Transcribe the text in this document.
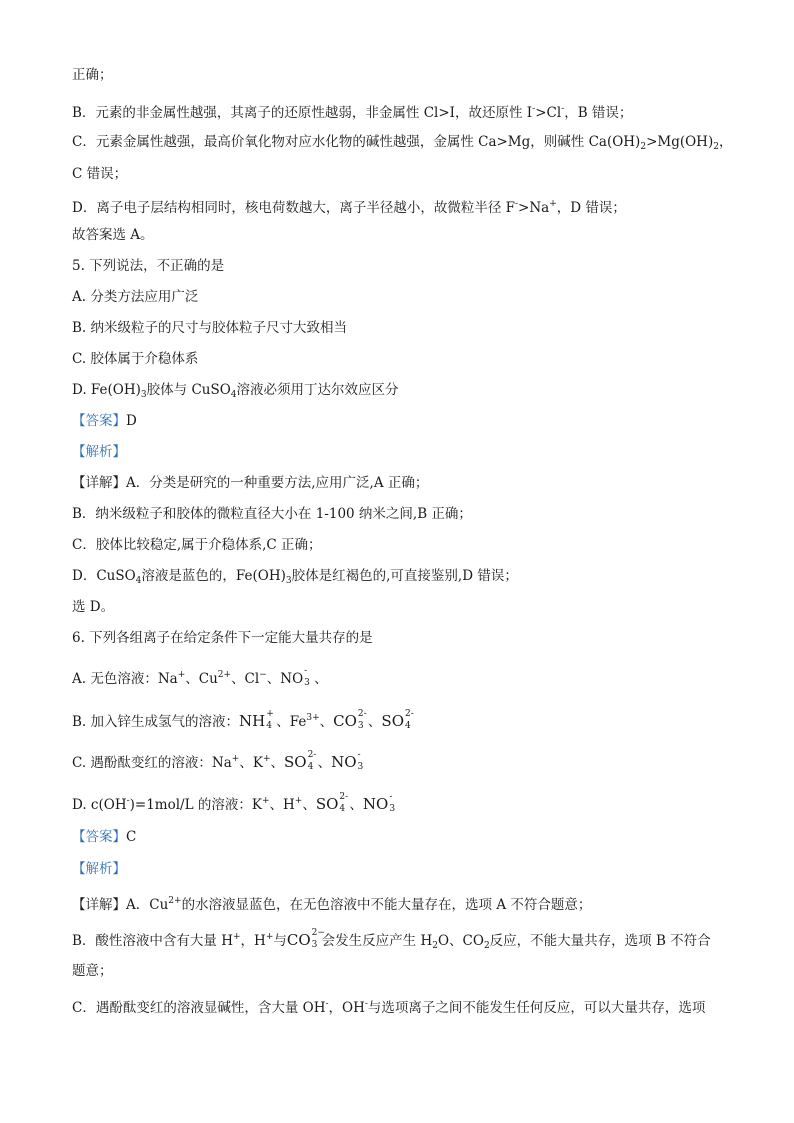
正确；
B．元素的非金属性越强，其离子的还原性越弱，非金属性 Cl>I，故还原性 I->Cl-，B 错误；
C．元素金属性越强，最高价氧化物对应水化物的碱性越强，金属性 Ca>Mg，则碱性 $Ca(OH)_2>Mg(OH)_2$，
C 错误；
D．离子电子层结构相同时，核电荷数越大，离子半径越小，故微粒半径 F->Na+，D 错误；
故答案选 A。
5. 下列说法，不正确的是
A. 分类方法应用广泛
B. 纳米级粒子的尺寸与胶体粒子尺寸大致相当
C. 胶体属于介稳体系
D. $Fe(OH)_3$胶体与 CuSO$_4$溶液必须用丁达尔效应区分
【答案】D
【解析】
【详解】A．分类是研究的一种重要方法,应用广泛,A 正确；
B．纳米级粒子和胶体的微粒直径大小在 1-100 纳米之间,B 正确；
C．胶体比较稳定,属于介稳体系,C 正确；
D．CuSO$_4$溶液是蓝色的，$Fe(OH)_3$胶体是红褐色的,可直接鉴别,D 错误；
选 D。
6. 下列各组离子在给定条件下一定能大量共存的是
A. 无色溶液：Na+、$Cu^{2+}$、Cl−、NO -
3 、
B. 加入锌生成氢气的溶液：NH +
4 、$Fe^{3+}$、CO 2-
3 、SO 2-
4
C. 遇酚酞变红的溶液：Na+、K+、SO 2-
4 、NO -
3
D. c(OH-)=1mol/L 的溶液：K+、H+、SO 2-
4 、NO -
3
【答案】C
【解析】
【详解】A．$Cu^{2+}$的水溶液显蓝色，在无色溶液中不能大量存在，选项 A 不符合题意；
B．酸性溶液中含有大量 H+，H+与CO 2−
3 会发生反应产生 $H_2O$、$CO_2$反应，不能大量共存，选项 B 不符合
题意；
C．遇酚酞变红的溶液显碱性，含大量 OH-，OH-与选项离子之间不能发生任何反应，可以大量共存，选项
